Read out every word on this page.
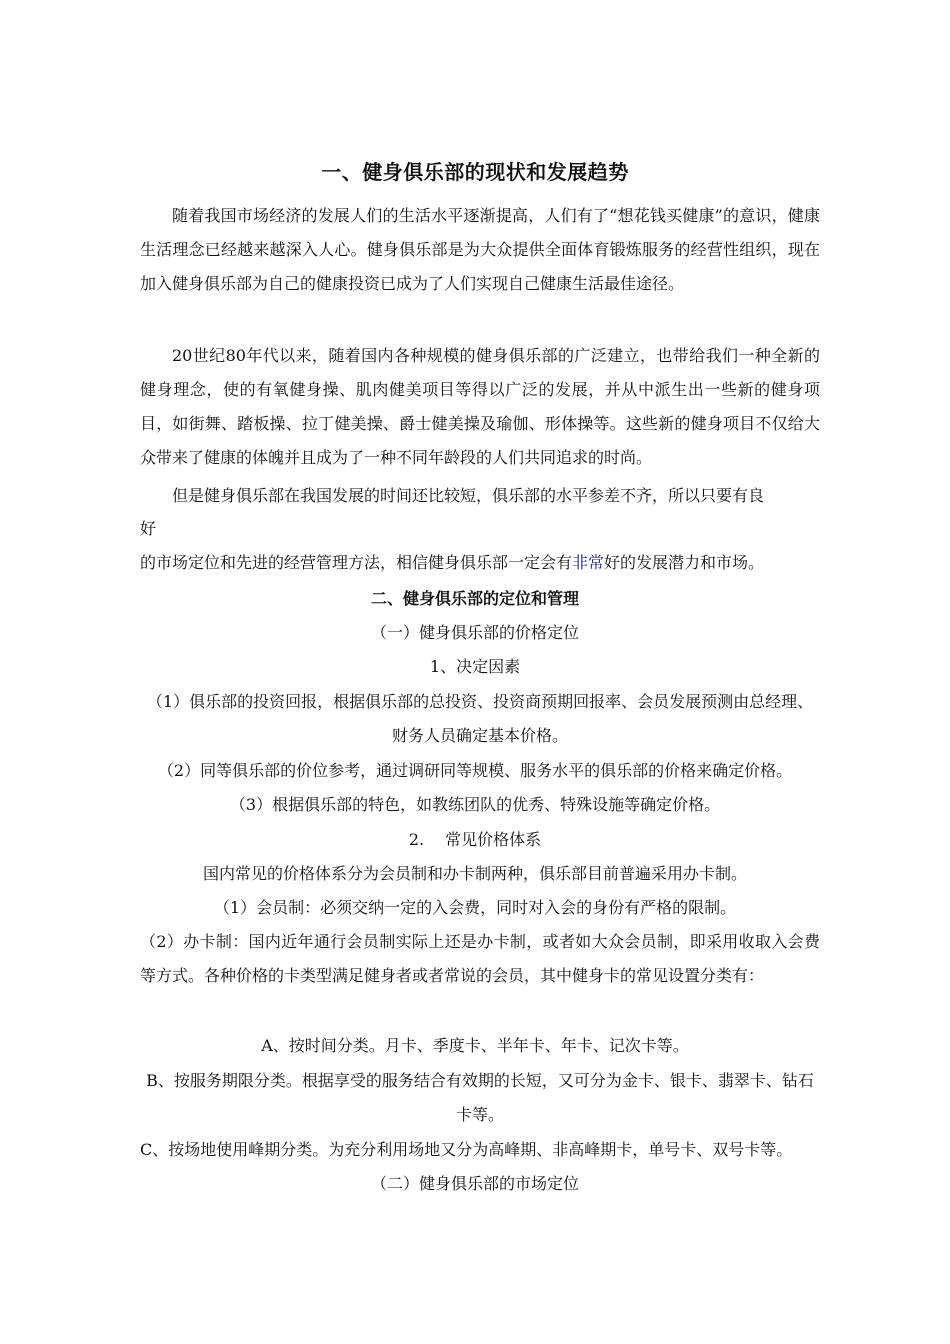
一、健身俱乐部的现状和发展趋势

随着我国市场经济的发展人们的生活水平逐渐提高，人们有了“想花钱买健康”的意识，健康生活理念已经越来越深入人心。健身俱乐部是为大众提供全面体育锻炼服务的经营性组织，现在加入健身俱乐部为自己的健康投资已成为了人们实现自己健康生活最佳途径。

20世纪80年代以来，随着国内各种规模的健身俱乐部的广泛建立，也带给我们一种全新的健身理念，使的有氧健身操、肌肉健美项目等得以广泛的发展，并从中派生出一些新的健身项目，如街舞、踏板操、拉丁健美操、爵士健美操及瑜伽、形体操等。这些新的健身项目不仅给大众带来了健康的体魄并且成为了一种不同年龄段的人们共同追求的时尚。

但是健身俱乐部在我国发展的时间还比较短，俱乐部的水平参差不齐，所以只要有良

好

的市场定位和先进的经营管理方法，相信健身俱乐部一定会有非常好的发展潜力和市场。

二、健身俱乐部的定位和管理

（一）健身俱乐部的价格定位

1、决定因素

（1）俱乐部的投资回报，根据俱乐部的总投资、投资商预期回报率、会员发展预测由总经理、财务人员确定基本价格。

（2）同等俱乐部的价位参考，通过调研同等规模、服务水平的俱乐部的价格来确定价格。

（3）根据俱乐部的特色，如教练团队的优秀、特殊设施等确定价格。

2.　 常见价格体系

国内常见的价格体系分为会员制和办卡制两种，俱乐部目前普遍采用办卡制。

（1）会员制：必须交纳一定的入会费，同时对入会的身份有严格的限制。

（2）办卡制：国内近年通行会员制实际上还是办卡制，或者如大众会员制，即采用收取入会费等方式。各种价格的卡类型满足健身者或者常说的会员，其中健身卡的常见设置分类有：

A、按时间分类。月卡、季度卡、半年卡、年卡、记次卡等。

B、按服务期限分类。根据享受的服务结合有效期的长短，又可分为金卡、银卡、翡翠卡、钻石卡等。

C、按场地使用峰期分类。为充分利用场地又分为高峰期、非高峰期卡，单号卡、双号卡等。

（二）健身俱乐部的市场定位
